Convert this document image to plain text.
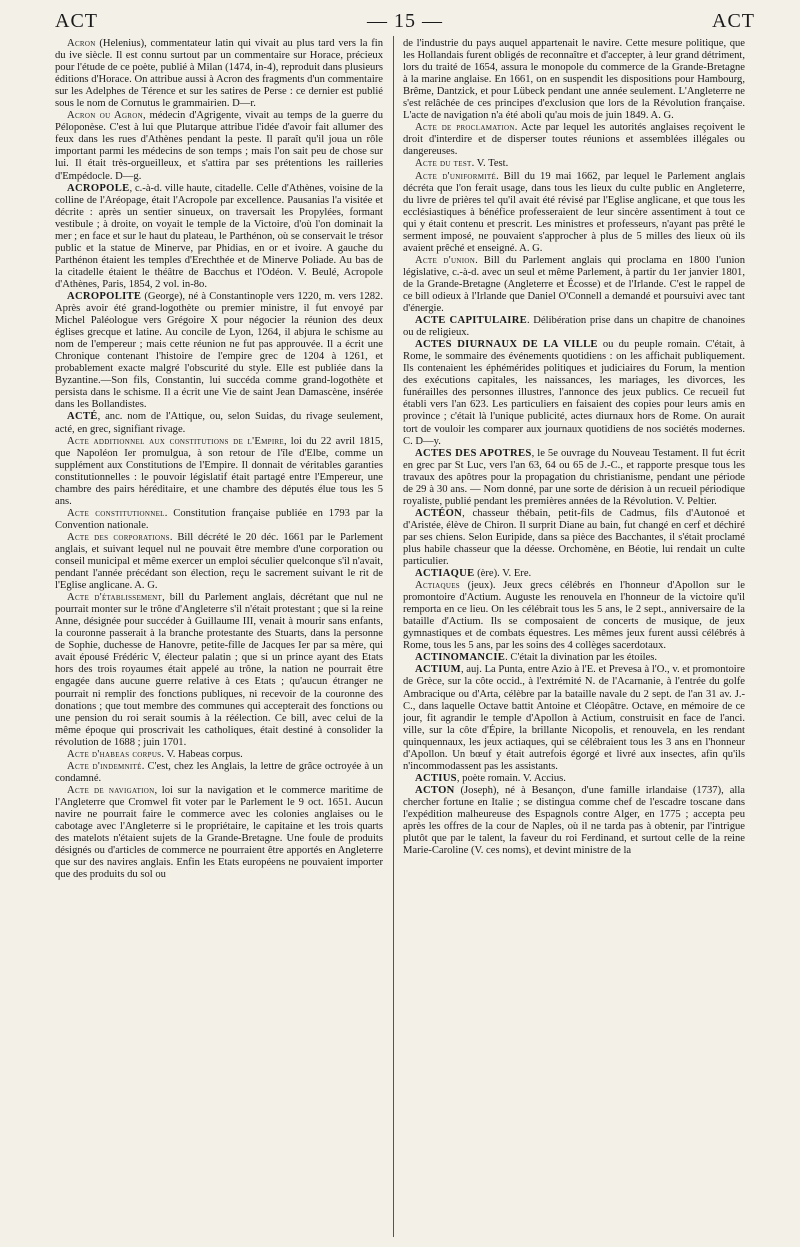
ACT	— 15 —	ACT

Acron (Helenius), commentateur latin qui vivait au plus tard vers la fin du ive siècle. Il est connu surtout par un commentaire sur Horace, précieux pour l'étude de ce poète, publié à Milan (1474, in-4), reproduit dans plusieurs éditions d'Horace. On attribue aussi à Acron des fragments d'un commentaire sur les Adelphes de Térence et sur les satires de Perse : ce dernier est publié sous le nom de Cornutus le grammairien. D—r.

Acron ou Agron, médecin d'Agrigente, vivait au temps de la guerre du Péloponèse. C'est à lui que Plutarque attribue l'idée d'avoir fait allumer des feux dans les rues d'Athènes pendant la peste. Il paraît qu'il joua un rôle important parmi les médecins de son temps ; mais l'on sait peu de chose sur lui. Il était très-orgueilleux, et s'attira par ses prétentions les railleries d'Empédocle. D—g.

ACROPOLE, c.-à-d. ville haute, citadelle. Celle d'Athènes, voisine de la colline de l'Aréopage, était l'Acropole par excellence. Pausanias l'a visitée et décrite : après un sentier sinueux, on traversait les Propylées, formant vestibule ; à droite, on voyait le temple de la Victoire, d'où l'on dominait la mer ; en face et sur le haut du plateau, le Parthénon, où se conservait le trésor public et la statue de Minerve, par Phidias, en or et ivoire. A gauche du Parthénon étaient les temples d'Erechthée et de Minerve Poliade. Au bas de la citadelle étaient le théâtre de Bacchus et l'Odéon. V. Beulé, Acropole d'Athènes, Paris, 1854, 2 vol. in-8o.

ACROPOLITE (George), né à Constantinople vers 1220, m. vers 1282. Après avoir été grand-logothète ou premier ministre, il fut envoyé par Michel Paléologue vers Grégoire X pour négocier la réunion des deux églises grecque et latine. Au concile de Lyon, 1264, il abjura le schisme au nom de l'empereur ; mais cette réunion ne fut pas approuvée. Il a écrit une Chronique contenant l'histoire de l'empire grec de 1204 à 1261, et probablement exacte malgré l'obscurité du style. Elle est publiée dans la Byzantine.—Son fils, Constantin, lui succéda comme grand-logothète et persista dans le schisme. Il a écrit une Vie de saint Jean Damascène, insérée dans les Bollandistes.

ACTÉ, anc. nom de l'Attique, ou, selon Suidas, du rivage seulement, acté, en grec, signifiant rivage.

Acte additionnel aux constitutions de l'Empire, loi du 22 avril 1815, que Napoléon Ier promulgua, à son retour de l'île d'Elbe, comme un supplément aux Constitutions de l'Empire. Il donnait de véritables garanties constitutionnelles : le pouvoir législatif était partagé entre l'Empereur, une chambre des pairs héréditaire, et une chambre des députés élue tous les 5 ans.

Acte constitutionnel. Constitution française publiée en 1793 par la Convention nationale.

Acte des corporations. Bill décrété le 20 déc. 1661 par le Parlement anglais, et suivant lequel nul ne pouvait être membre d'une corporation ou conseil municipal et même exercer un emploi séculier quelconque s'il n'avait, pendant l'année précédant son élection, reçu le sacrement suivant le rit de l'Eglise anglicane. A. G.

Acte d'établissement, bill du Parlement anglais, décrétant que nul ne pourrait monter sur le trône d'Angleterre s'il n'était protestant ; que si la reine Anne, désignée pour succéder à Guillaume III, venait à mourir sans enfants, la couronne passerait à la branche protestante des Stuarts, dans la personne de Sophie, duchesse de Hanovre, petite-fille de Jacques Ier par sa mère, qui avait épousé Frédéric V, électeur palatin ; que si un prince ayant des Etats hors des trois royaumes était appelé au trône, la nation ne pourrait être engagée dans aucune guerre relative à ces Etats ; qu'aucun étranger ne pourrait ni remplir des fonctions publiques, ni recevoir de la couronne des donations ; que tout membre des communes qui accepterait des fonctions ou une pension du roi serait soumis à la réélection. Ce bill, avec celui de la même époque qui proscrivait les catholiques, était destiné à consolider la révolution de 1688 ; juin 1701.

Acte d'habeas corpus. V. Habeas corpus.

Acte d'indemnité. C'est, chez les Anglais, la lettre de grâce octroyée à un condamné.

Acte de navigation, loi sur la navigation et le commerce maritime de l'Angleterre que Cromwel fit voter par le Parlement le 9 oct. 1651. Aucun navire ne pourrait faire le commerce avec les colonies anglaises ou le cabotage avec l'Angleterre si le propriétaire, le capitaine et les trois quarts des matelots n'étaient sujets de la Grande-Bretagne. Une foule de produits désignés ou d'articles de commerce ne pourraient être apportés en Angleterre que sur des navires anglais. Enfin les Etats européens ne pouvaient importer que des produits du sol ou

de l'industrie du pays auquel appartenait le navire. Cette mesure politique, que les Hollandais furent obligés de reconnaître et d'accepter, à leur grand détriment, lors du traité de 1654, assura le monopole du commerce de la Grande-Bretagne à la marine anglaise. En 1661, on en suspendit les dispositions pour Hambourg, Brême, Dantzick, et pour Lübeck pendant une année seulement. L'Angleterre ne s'est relâchée de ces principes d'exclusion que lors de la Révolution française. L'acte de navigation n'a été aboli qu'au mois de juin 1849. A. G.

Acte de proclamation. Acte par lequel les autorités anglaises reçoivent le droit d'interdire et de disperser toutes réunions et assemblées illégales ou dangereuses.

Acte du test. V. Test.

Acte d'uniformité. Bill du 19 mai 1662, par lequel le Parlement anglais décréta que l'on ferait usage, dans tous les lieux du culte public en Angleterre, du livre de prières tel qu'il avait été révisé par l'Eglise anglicane, et que tous les ecclésiastiques à bénéfice professeraient de leur sincère assentiment à tout ce qui y était contenu et prescrit. Les ministres et professeurs, n'ayant pas prêté le serment imposé, ne pouvaient s'approcher à plus de 5 milles des lieux où ils avaient prêché et enseigné. A. G.

Acte d'union. Bill du Parlement anglais qui proclama en 1800 l'union législative, c.-à-d. avec un seul et même Parlement, à partir du 1er janvier 1801, de la Grande-Bretagne (Angleterre et Écosse) et de l'Irlande. C'est le rappel de ce bill odieux à l'Irlande que Daniel O'Connell a demandé et poursuivi avec tant d'énergie.

ACTE CAPITULAIRE. Délibération prise dans un chapitre de chanoines ou de religieux.

ACTES DIURNAUX DE LA VILLE ou du peuple romain. C'était, à Rome, le sommaire des événements quotidiens : on les affichait publiquement. Ils contenaient les éphémérides politiques et judiciaires du Forum, la mention des exécutions capitales, les naissances, les mariages, les divorces, les funérailles des personnes illustres, l'annonce des jeux publics. Ce recueil fut établi vers l'an 623. Les particuliers en faisaient des copies pour leurs amis en province ; c'était là l'unique publicité, actes diurnaux hors de Rome. On aurait tort de vouloir les comparer aux journaux quotidiens de nos sociétés modernes. C. D—y.

ACTES DES APOTRES, le 5e ouvrage du Nouveau Testament. Il fut écrit en grec par St Luc, vers l'an 63, 64 ou 65 de J.-C., et rapporte presque tous les travaux des apôtres pour la propagation du christianisme, pendant une période de 29 à 30 ans. — Nom donné, par une sorte de dérision à un recueil périodique royaliste, publié pendant les premières années de la Révolution. V. Peltier.

ACTÉON, chasseur thébain, petit-fils de Cadmus, fils d'Autonoé et d'Aristée, élève de Chiron. Il surprit Diane au bain, fut changé en cerf et déchiré par ses chiens. Selon Euripide, dans sa pièce des Bacchantes, il s'était proclamé plus habile chasseur que la déesse. Orchomène, en Béotie, lui rendait un culte particulier.

ACTIAQUE (ère). V. Ere.

Actiaques (jeux). Jeux grecs célébrés en l'honneur d'Apollon sur le promontoire d'Actium. Auguste les renouvela en l'honneur de la victoire qu'il remporta en ce lieu. On les célébrait tous les 5 ans, le 2 sept., anniversaire de la bataille d'Actium. Ils se composaient de concerts de musique, de jeux gymnastiques et de combats équestres. Les mêmes jeux furent aussi célébrés à Rome, tous les 5 ans, par les soins des 4 collèges sacerdotaux.

ACTINOMANCIE. C'était la divination par les étoiles.

ACTIUM, auj. La Punta, entre Azio à l'E. et Prevesa à l'O., v. et promontoire de Grèce, sur la côte occid., à l'extrémité N. de l'Acarnanie, à l'entrée du golfe Ambracique ou d'Arta, célèbre par la bataille navale du 2 sept. de l'an 31 av. J.-C., dans laquelle Octave battit Antoine et Cléopâtre. Octave, en mémoire de ce jour, fit agrandir le temple d'Apollon à Actium, construisit en face de l'anci. ville, sur la côte d'Épire, la brillante Nicopolis, et renouvela, en les rendant quinquennaux, les jeux actiaques, qui se célébraient tous les 3 ans en l'honneur d'Apollon. Un bœuf y était autrefois égorgé et livré aux insectes, afin qu'ils n'incommodassent pas les assistants.

ACTIUS, poète romain. V. Accius.

ACTON (Joseph), né à Besançon, d'une famille irlandaise (1737), alla chercher fortune en Italie ; se distingua comme chef de l'escadre toscane dans l'expédition malheureuse des Espagnols contre Alger, en 1775 ; accepta peu après les offres de la cour de Naples, où il ne tarda pas à obtenir, par l'intrigue plutôt que par le talent, la faveur du roi Ferdinand, et surtout celle de la reine Marie-Caroline (V. ces noms), et devint ministre de la
